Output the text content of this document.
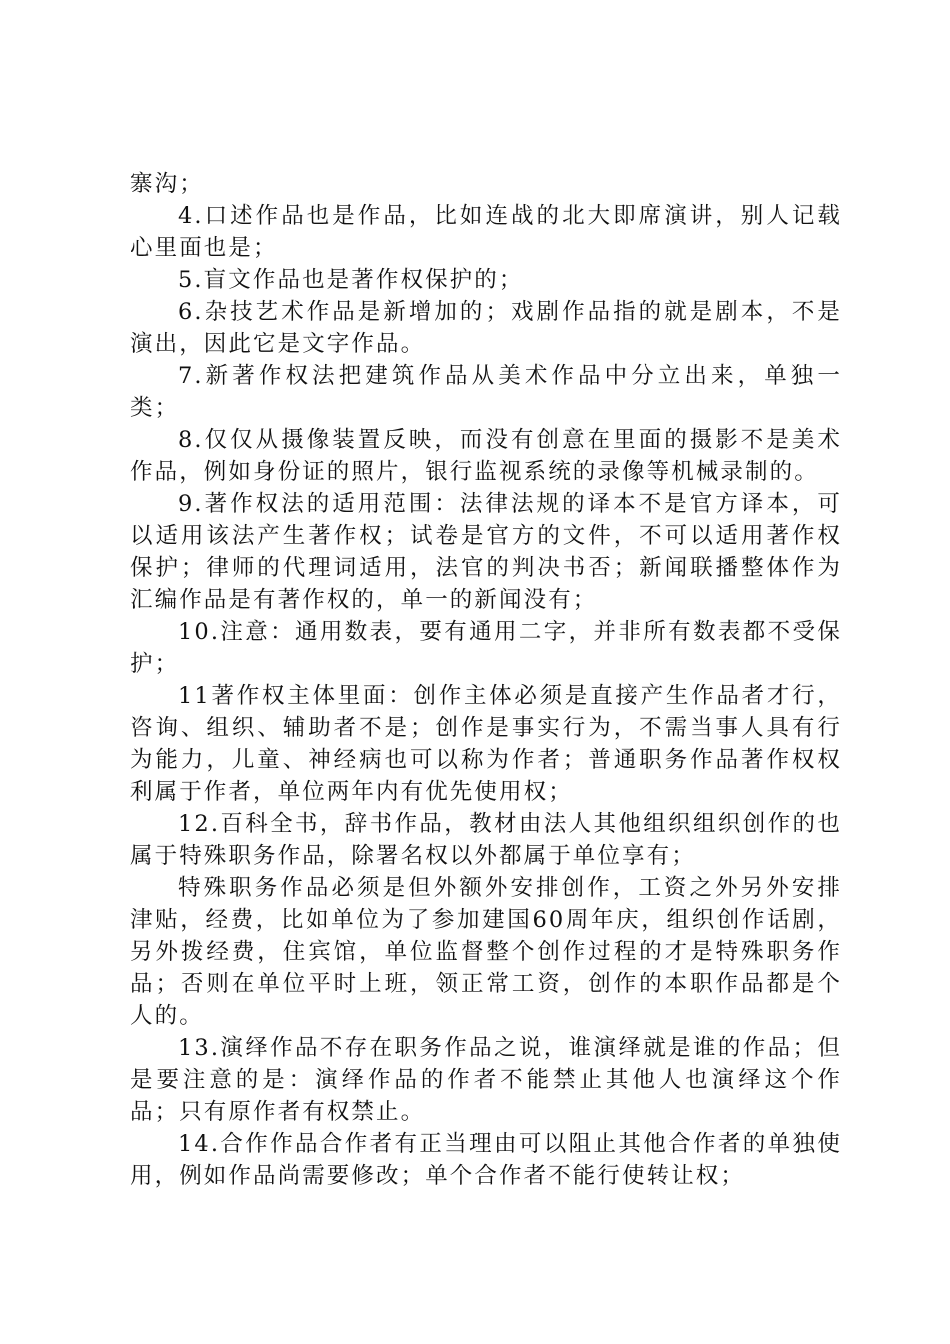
寨沟；

4.口述作品也是作品，比如连战的北大即席演讲，别人记载心里面也是；

5.盲文作品也是著作权保护的；

6.杂技艺术作品是新增加的；戏剧作品指的就是剧本，不是演出，因此它是文字作品。

7.新著作权法把建筑作品从美术作品中分立出来，单独一类；

8.仅仅从摄像装置反映，而没有创意在里面的摄影不是美术作品，例如身份证的照片，银行监视系统的录像等机械录制的。

9.著作权法的适用范围：法律法规的译本不是官方译本，可以适用该法产生著作权；试卷是官方的文件，不可以适用著作权保护；律师的代理词适用，法官的判决书否；新闻联播整体作为汇编作品是有著作权的，单一的新闻没有；

10.注意：通用数表，要有通用二字，并非所有数表都不受保护；

11著作权主体里面：创作主体必须是直接产生作品者才行，咨询、组织、辅助者不是；创作是事实行为，不需当事人具有行为能力，儿童、神经病也可以称为作者；普通职务作品著作权权利属于作者，单位两年内有优先使用权；

12.百科全书，辞书作品，教材由法人其他组织组织创作的也属于特殊职务作品，除署名权以外都属于单位享有；

特殊职务作品必须是但外额外安排创作，工资之外另外安排津贴，经费，比如单位为了参加建国60周年庆，组织创作话剧，另外拨经费，住宾馆，单位监督整个创作过程的才是特殊职务作品；否则在单位平时上班，领正常工资，创作的本职作品都是个人的。

13.演绎作品不存在职务作品之说，谁演绎就是谁的作品；但是要注意的是：演绎作品的作者不能禁止其他人也演绎这个作品；只有原作者有权禁止。

14.合作作品合作者有正当理由可以阻止其他合作者的单独使用，例如作品尚需要修改；单个合作者不能行使转让权；
